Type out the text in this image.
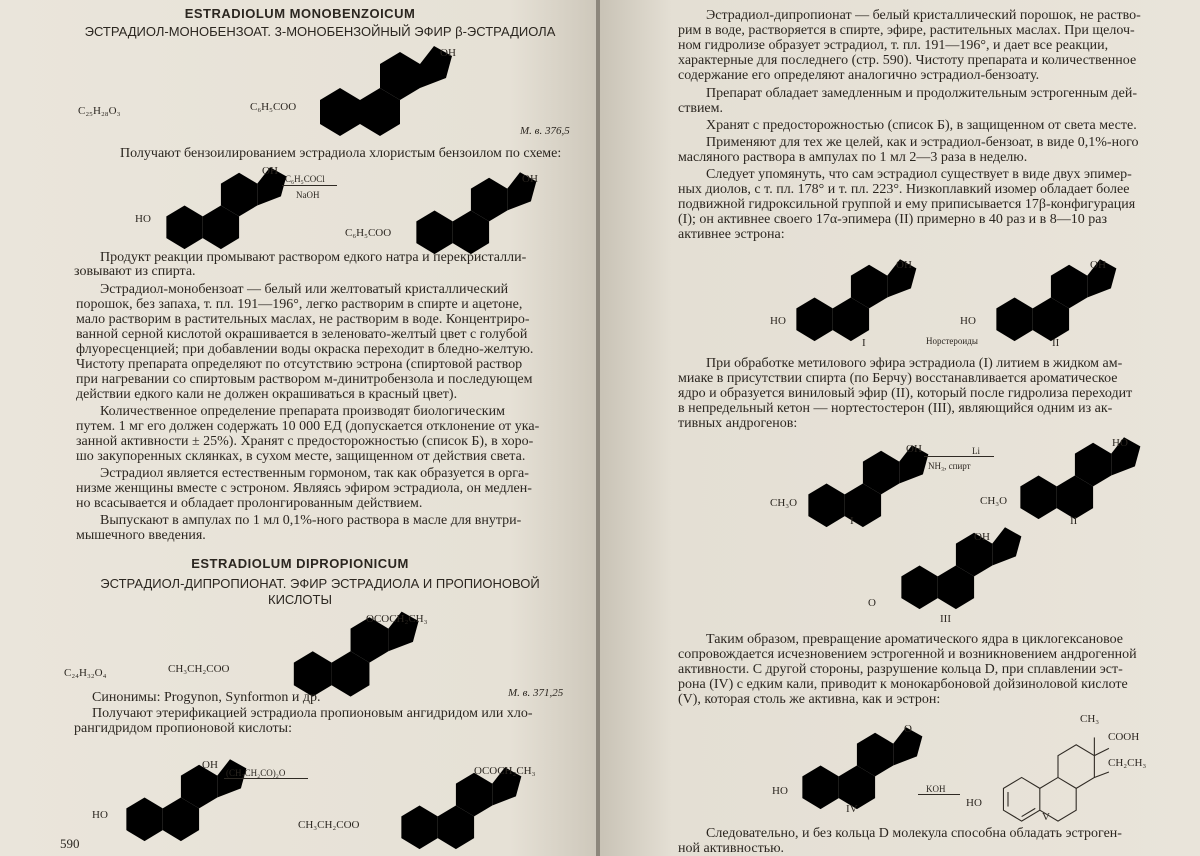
ESTRADIOLUM MONOBENZOICUM
ЭСТРАДИОЛ-МОНОБЕНЗОАТ. 3-МОНОБЕНЗОЙНЫЙ ЭФИР β-ЭСТРАДИОЛА
OH
C₆H₅COO
C₂₅H₂₈O₃
М. в. 376,5
Получают бензоилированием эстрадиола хлористым бензоилом по схеме:
OH
HO
C₆H₅COCl
NaOH
OH
C₆H₅COO
Продукт реакции промывают раствором едкого натра и перекристалли-
зовывают из спирта.
Эстрадиол-монобензоат — белый или желтоватый кристаллический
порошок, без запаха, т. пл. 191—196°, легко растворим в спирте и ацетоне,
мало растворим в растительных маслах, не растворим в воде. Концентриро-
ванной серной кислотой окрашивается в зеленовато-желтый цвет с голубой
флуоресценцией; при добавлении воды окраска переходит в бледно-желтую.
Чистоту препарата определяют по отсутствию эстрона (спиртовой раствор
при нагревании со спиртовым раствором м-динитробензола и последующем
действии едкого кали не должен окрашиваться в красный цвет).
Количественное определение препарата производят биологическим
путем. 1 мг его должен содержать 10 000 ЕД (допускается отклонение от ука-
занной активности ± 25%). Хранят с предосторожностью (список Б), в хоро-
шо закупоренных склянках, в сухом месте, защищенном от действия света.
Эстрадиол является естественным гормоном, так как образуется в орга-
низме женщины вместе с эстроном. Являясь эфиром эстрадиола, он медлен-
но всасывается и обладает пролонгированным действием.
Выпускают в ампулах по 1 мл 0,1%-ного раствора в масле для внутри-
мышечного введения.
ESTRADIOLUM DIPROPIONICUM
ЭСТРАДИОЛ-ДИПРОПИОНАТ. ЭФИР ЭСТРАДИОЛА И ПРОПИОНОВОЙ
КИСЛОТЫ
OCOCH₂CH₃
CH₃CH₂COO
C₂₄H₃₂O₄
М. в. 371,25
Синонимы: Progynon, Synformon и др.
Получают этерификацией эстрадиола пропионовым ангидридом или хло-
рангидридом пропионовой кислоты:
OH
HO
(CH₃CH₂CO)₂O	OCOCH₂CH₃
CH₃CH₂COO
590
Эстрадиол-дипропионат — белый кристаллический порошок, не раство-
рим в воде, растворяется в спирте, эфире, растительных маслах. При щелоч-
ном гидролизе образует эстрадиол, т. пл. 191—196°, и дает все реакции,
характерные для последнего (стр. 590). Чистоту препарата и количественное
содержание его определяют аналогично эстрадиол-бензоату.
Препарат обладает замедленным и продолжительным эстрогенным дей-
ствием.
Хранят с предосторожностью (список Б), в защищенном от света месте.
Применяют для тех же целей, как и эстрадиол-бензоат, в виде 0,1%-ного
масляного раствора в ампулах по 1 мл 2—3 раза в неделю.
Следует упомянуть, что сам эстрадиол существует в виде двух эпимер-
ных диолов, с т. пл. 178° и т. пл. 223°. Низкоплавкий изомер обладает более
подвижной гидроксильной группой и ему приписывается 17β-конфигурация
(I); он активнее своего 17α-эпимера (II) примерно в 40 раз и в 8—10 раз
активнее эстрона:
OH
HO
I	Норстероиды
OH
HO
II
При обработке метилового эфира эстрадиола (I) литием в жидком ам-
миаке в присутствии спирта (по Берчу) восстанавливается ароматическое
ядро и образуется виниловый эфир (II), который после гидролиза переходит
в непредельный кетон — нортестостерон (III), являющийся одним из ак-
тивных андрогенов:
OH
CH₃O
I
Li
NH₃, спирт
HO
CH₃O
II
OH
O
III
Таким образом, превращение ароматического ядра в циклогексановое
сопровождается исчезновением эстрогенной и возникновением андрогенной
активности. С другой стороны, разрушение кольца D, при сплавлении эст-
рона (IV) с едким кали, приводит к монокарбоновой дойзиноловой кислоте
(V), которая столь же активна, как и эстрон:
O
HO
IV
KOH
CH₃
COOH
CH₂CH₃
HO
V
Следовательно, и без кольца D молекула способна обладать эстроген-
ной активностью.
